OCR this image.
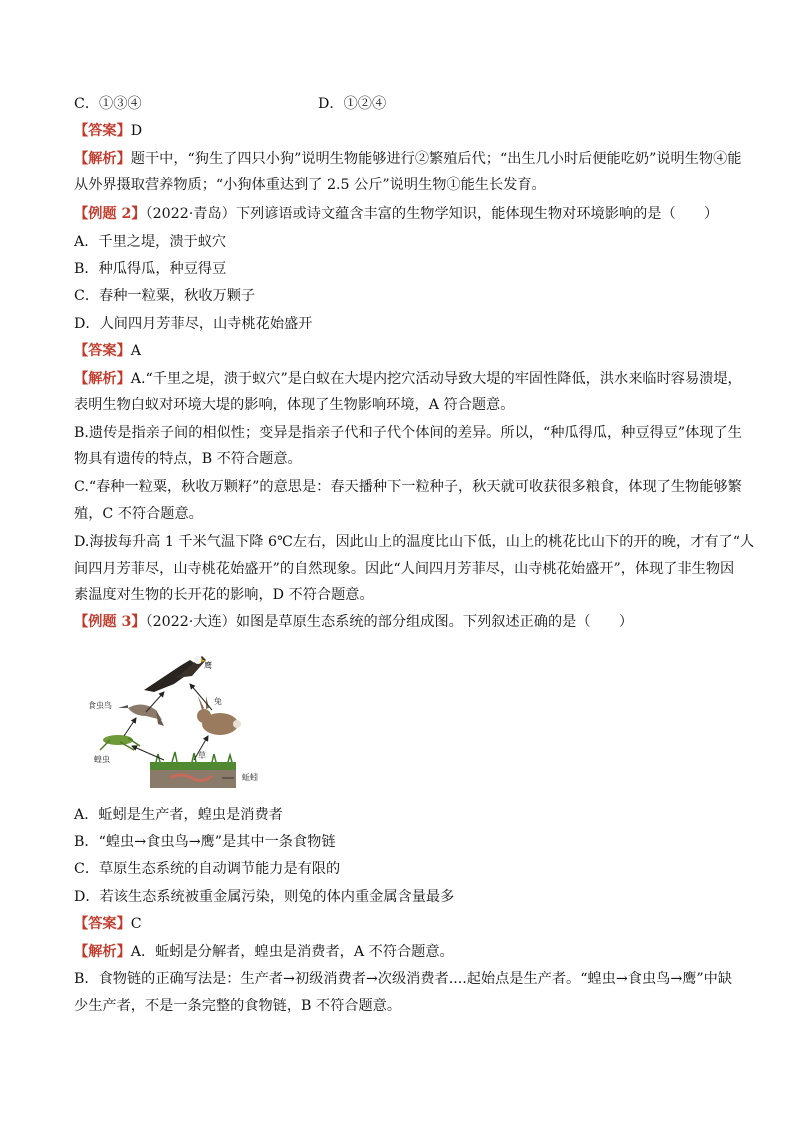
C．①③④	D．①②④
【答案】D
【解析】题干中，“狗生了四只小狗”说明生物能够进行②繁殖后代；“出生几小时后便能吃奶”说明生物④能
从外界摄取营养物质；“小狗体重达到了 2.5 公斤”说明生物①能生长发育。
【例题 2】（2022·青岛）下列谚语或诗文蕴含丰富的生物学知识，能体现生物对环境影响的是（　　）
A．千里之堤，溃于蚁穴
B．种瓜得瓜，种豆得豆
C．春种一粒粟，秋收万颗子
D．人间四月芳菲尽，山寺桃花始盛开
【答案】A
【解析】A.“千里之堤，溃于蚁穴”是白蚁在大堤内挖穴活动导致大堤的牢固性降低，洪水来临时容易溃堤，
表明生物白蚁对环境大堤的影响，体现了生物影响环境，A 符合题意。
B.遗传是指亲子间的相似性；变异是指亲子代和子代个体间的差异。所以，“种瓜得瓜，种豆得豆”体现了生
物具有遗传的特点，B 不符合题意。
C.“春种一粒粟，秋收万颗籽”的意思是：春天播种下一粒种子，秋天就可收获很多粮食，体现了生物能够繁
殖，C 不符合题意。
D.海拔每升高 1 千米气温下降 6℃左右，因此山上的温度比山下低，山上的桃花比山下的开的晚，才有了“人
间四月芳菲尽，山寺桃花始盛开”的自然现象。因此“人间四月芳菲尽，山寺桃花始盛开”，体现了非生物因
素温度对生物的长开花的影响，D 不符合题意。
【例题 3】（2022·大连）如图是草原生态系统的部分组成图。下列叙述正确的是（　　）
鹰
食虫鸟	兔
蝗虫	草
蚯蚓
A．蚯蚓是生产者，蝗虫是消费者
B．“蝗虫→食虫鸟→鹰”是其中一条食物链
C．草原生态系统的自动调节能力是有限的
D．若该生态系统被重金属污染，则兔的体内重金属含量最多
【答案】C
【解析】A．蚯蚓是分解者，蝗虫是消费者，A 不符合题意。
B．食物链的正确写法是：生产者→初级消费者→次级消费者....起始点是生产者。“蝗虫→食虫鸟→鹰”中缺
少生产者，不是一条完整的食物链，B 不符合题意。
